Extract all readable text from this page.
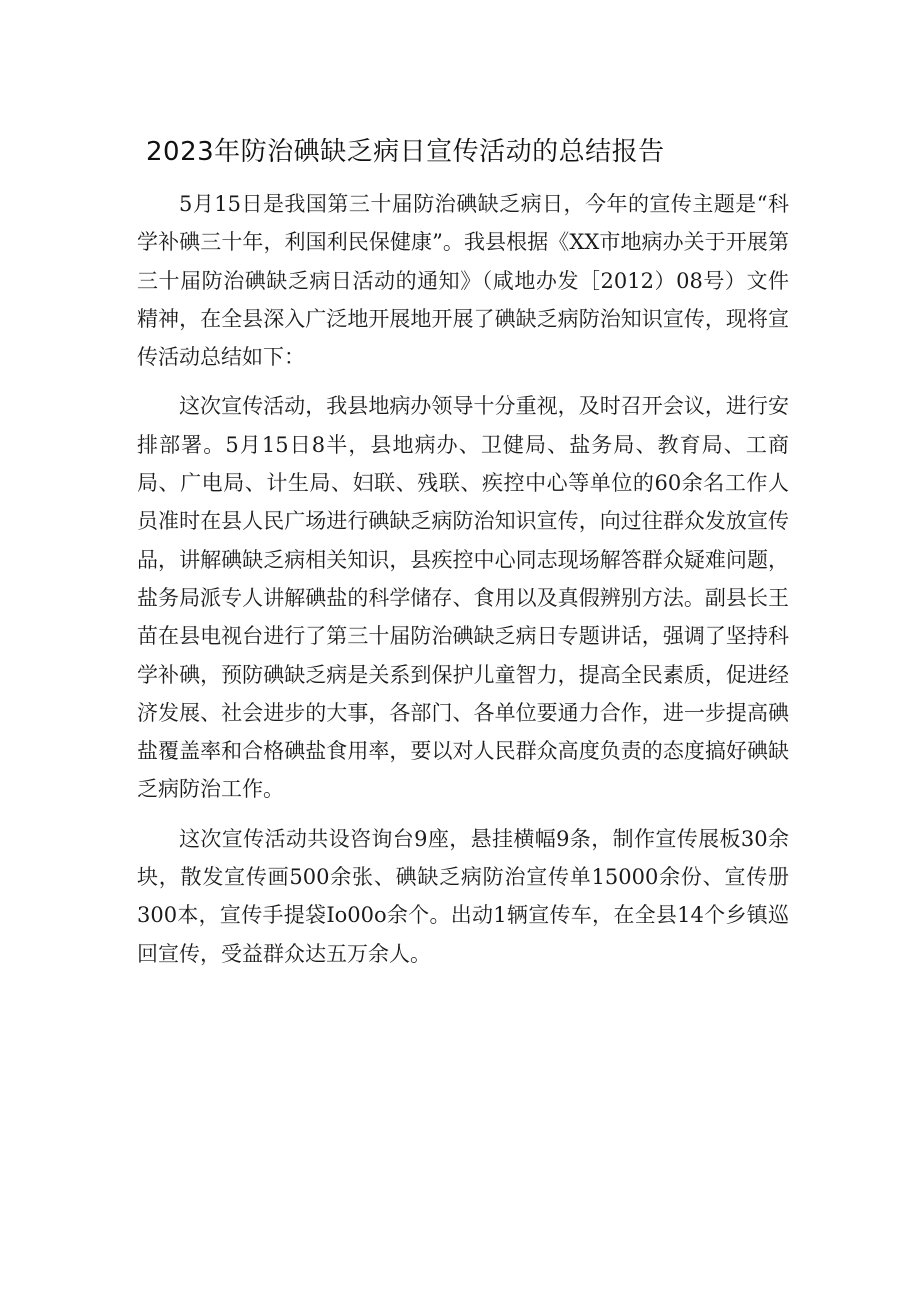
2023年防治碘缺乏病日宣传活动的总结报告

5月15日是我国第三十届防治碘缺乏病日，今年的宣传主题是“科学补碘三十年，利国利民保健康”。我县根据《XX市地病办关于开展第三十届防治碘缺乏病日活动的通知》（咸地办发［2012）08号）文件精神，在全县深入广泛地开展地开展了碘缺乏病防治知识宣传，现将宣传活动总结如下：

这次宣传活动，我县地病办领导十分重视，及时召开会议，进行安排部署。5月15日8半，县地病办、卫健局、盐务局、教育局、工商局、广电局、计生局、妇联、残联、疾控中心等单位的60余名工作人员准时在县人民广场进行碘缺乏病防治知识宣传，向过往群众发放宣传品，讲解碘缺乏病相关知识，县疾控中心同志现场解答群众疑难问题，盐务局派专人讲解碘盐的科学储存、食用以及真假辨别方法。副县长王苗在县电视台进行了第三十届防治碘缺乏病日专题讲话，强调了坚持科学补碘，预防碘缺乏病是关系到保护儿童智力，提高全民素质，促进经济发展、社会进步的大事，各部门、各单位要通力合作，进一步提高碘盐覆盖率和合格碘盐食用率，要以对人民群众高度负责的态度搞好碘缺乏病防治工作。

这次宣传活动共设咨询台9座，悬挂横幅9条，制作宣传展板30余块，散发宣传画500余张、碘缺乏病防治宣传单15000余份、宣传册300本，宣传手提袋Io00o余个。出动1辆宣传车，在全县14个乡镇巡回宣传，受益群众达五万余人。
